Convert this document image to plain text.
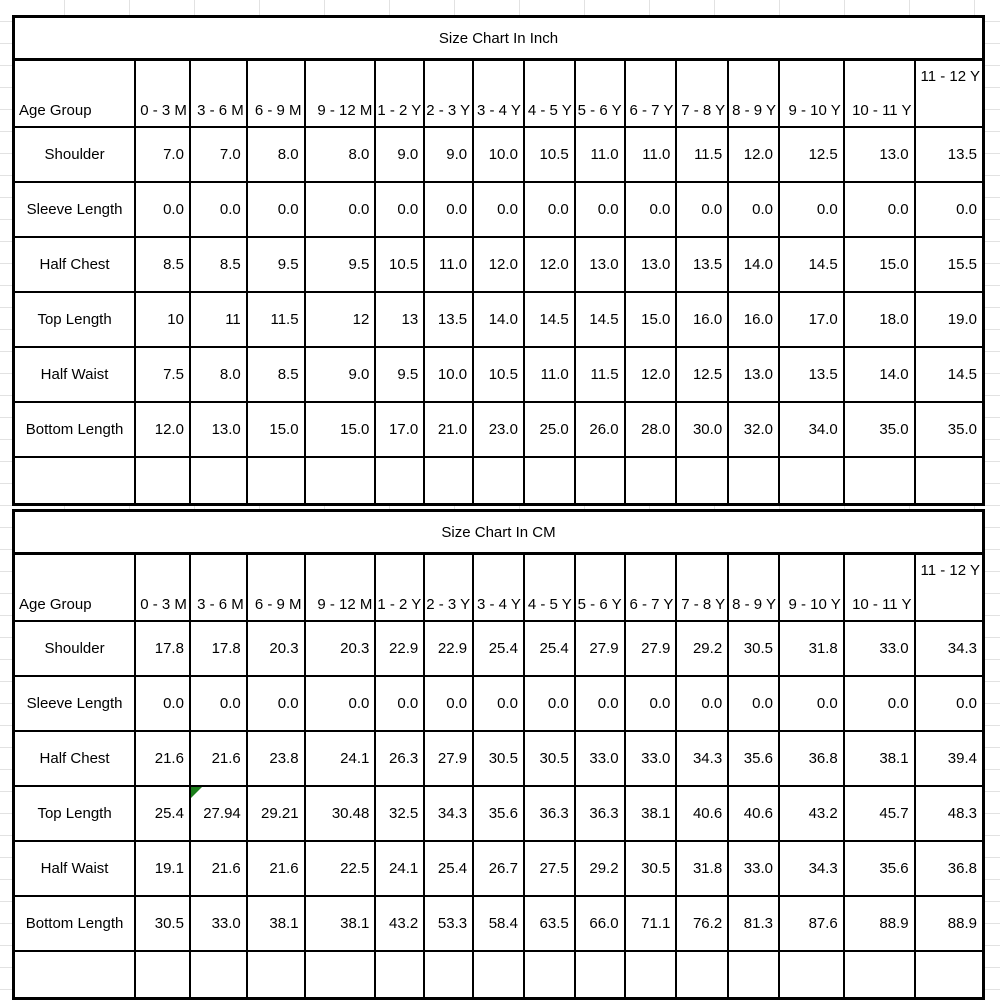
Size Chart In Inch															
Age Group	0 - 3 M	3 - 6 M	6 - 9 M	9 - 12 M	1 - 2 Y	2 - 3 Y	3 - 4 Y	4 - 5 Y	5 - 6 Y	6 - 7 Y	7 - 8 Y	8 - 9 Y	9 - 10 Y	10 - 11 Y	11 - 12 Y
Shoulder	7.0	7.0	8.0	8.0	9.0	9.0	10.0	10.5	11.0	11.0	11.5	12.0	12.5	13.0	13.5
Sleeve Length	0.0	0.0	0.0	0.0	0.0	0.0	0.0	0.0	0.0	0.0	0.0	0.0	0.0	0.0	0.0
Half Chest	8.5	8.5	9.5	9.5	10.5	11.0	12.0	12.0	13.0	13.0	13.5	14.0	14.5	15.0	15.5
Top Length	10	11	11.5	12	13	13.5	14.0	14.5	14.5	15.0	16.0	16.0	17.0	18.0	19.0
Half Waist	7.5	8.0	8.5	9.0	9.5	10.0	10.5	11.0	11.5	12.0	12.5	13.0	13.5	14.0	14.5
Bottom Length	12.0	13.0	15.0	15.0	17.0	21.0	23.0	25.0	26.0	28.0	30.0	32.0	34.0	35.0	35.0

Size Chart In CM															
Age Group	0 - 3 M	3 - 6 M	6 - 9 M	9 - 12 M	1 - 2 Y	2 - 3 Y	3 - 4 Y	4 - 5 Y	5 - 6 Y	6 - 7 Y	7 - 8 Y	8 - 9 Y	9 - 10 Y	10 - 11 Y	11 - 12 Y
Shoulder	17.8	17.8	20.3	20.3	22.9	22.9	25.4	25.4	27.9	27.9	29.2	30.5	31.8	33.0	34.3
Sleeve Length	0.0	0.0	0.0	0.0	0.0	0.0	0.0	0.0	0.0	0.0	0.0	0.0	0.0	0.0	0.0
Half Chest	21.6	21.6	23.8	24.1	26.3	27.9	30.5	30.5	33.0	33.0	34.3	35.6	36.8	38.1	39.4
Top Length	25.4	27.94	29.21	30.48	32.5	34.3	35.6	36.3	36.3	38.1	40.6	40.6	43.2	45.7	48.3
Half Waist	19.1	21.6	21.6	22.5	24.1	25.4	26.7	27.5	29.2	30.5	31.8	33.0	34.3	35.6	36.8
Bottom Length	30.5	33.0	38.1	38.1	43.2	53.3	58.4	63.5	66.0	71.1	76.2	81.3	87.6	88.9	88.9
